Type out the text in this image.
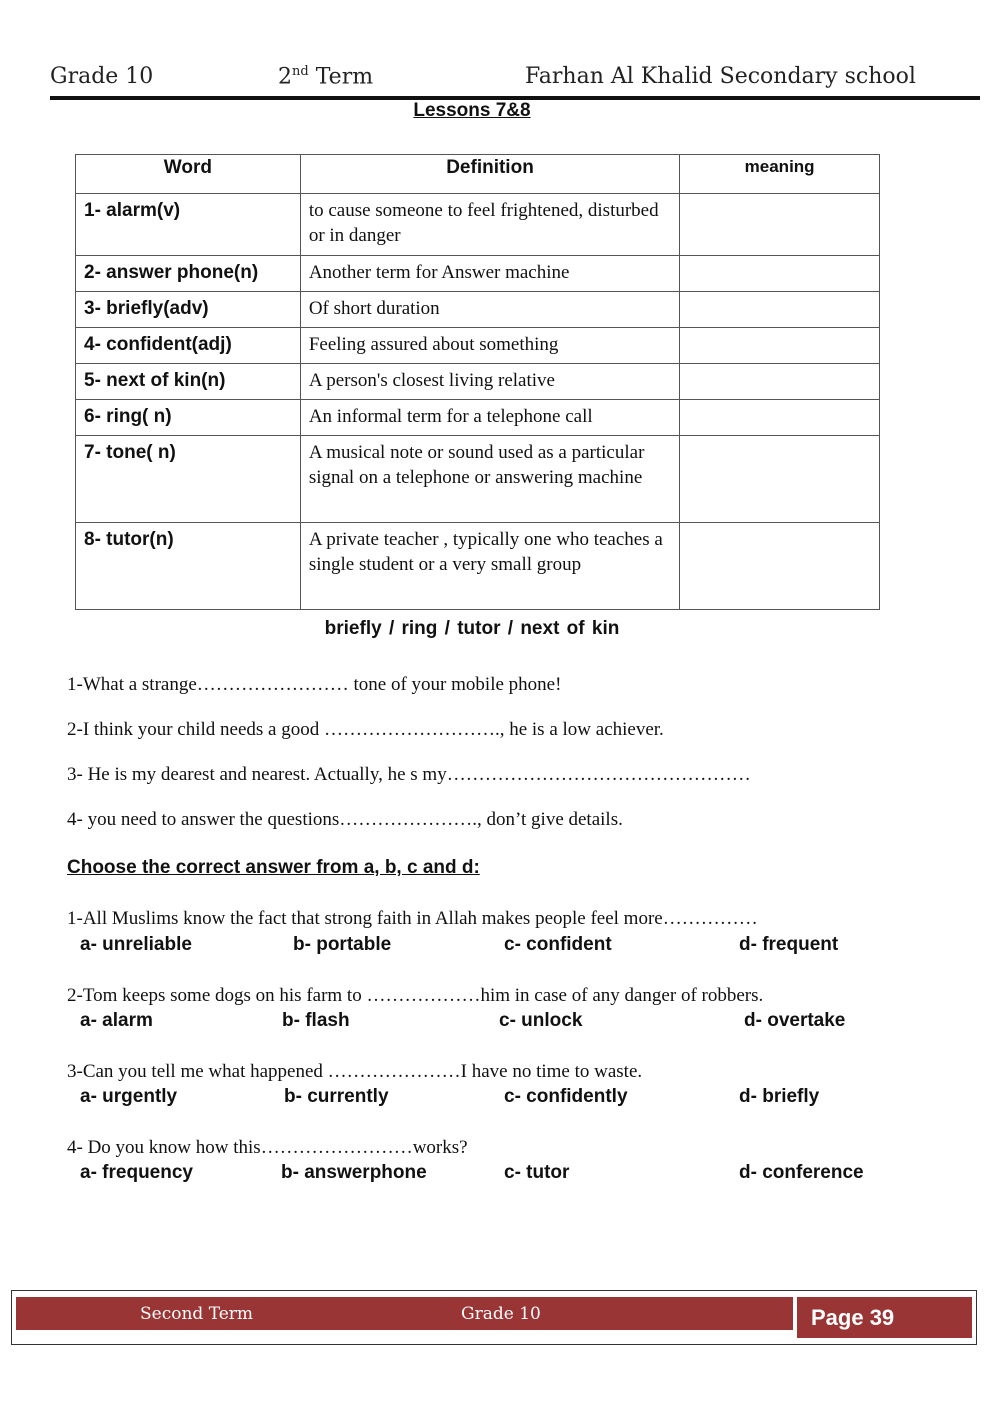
Grade 10	2nd Term	Farhan Al Khalid Secondary school
Lessons 7&8
Word	Definition	meaning
1- alarm(v)	to cause someone to feel frightened, disturbed or in danger	
2- answer phone(n)	Another term for Answer machine	
3- briefly(adv)	Of short duration	
4- confident(adj)	Feeling assured about something	
5- next of kin(n)	A person's closest living relative	
6- ring( n)	An informal term for a telephone call	
7- tone( n)	A musical note or sound used as a particular signal on a telephone or answering machine	
8- tutor(n)	A private teacher , typically one who teaches a single student or a very small group	
briefly / ring / tutor / next of kin
1-What a strange…………………… tone of your mobile phone!
2-I think your child needs a good ………………………., he is a low achiever.
3- He is my dearest and nearest. Actually, he s my…………………………………………
4- you need to answer the questions…………………., don’t give details.
Choose the correct answer from a, b, c and d:
1-All Muslims know the fact that strong faith in Allah makes people feel more……………
a- unreliable	b- portable	c- confident	d- frequent
2-Tom keeps some dogs on his farm to ………………him in case of any danger of robbers.
a- alarm	b- flash	c- unlock	d- overtake
3-Can you tell me what happened …………………I have no time to waste.
a- urgently	b- currently	c- confidently	d- briefly
4- Do you know how this……………………works?
a- frequency	b- answerphone	c- tutor	d- conference
Second Term	Grade 10	Page 39
